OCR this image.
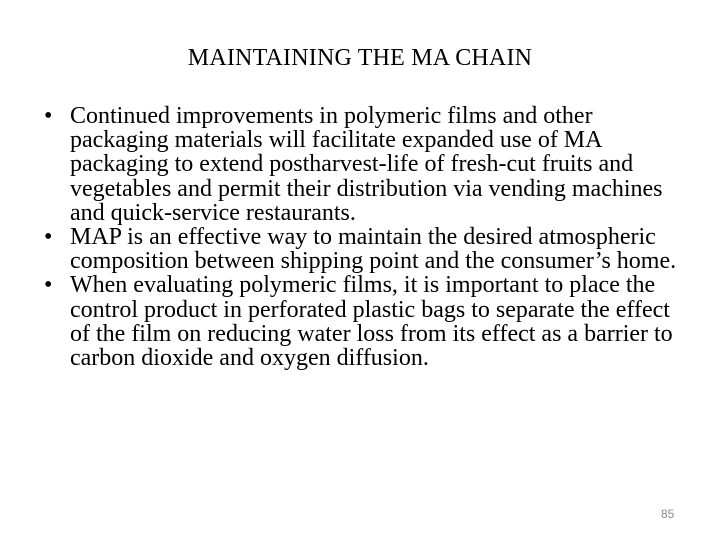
MAINTAINING THE MA CHAIN
• Continued improvements in polymeric films and other packaging materials will facilitate expanded use of MA packaging to extend postharvest-life of fresh-cut fruits and vegetables and permit their distribution via vending machines and quick-service restaurants.
• MAP is an effective way to maintain the desired atmospheric composition between shipping point and the consumer’s home.
• When evaluating polymeric films, it is important to place the control product in perforated plastic bags to separate the effect of the film on reducing water loss from its effect as a barrier to carbon dioxide and oxygen diffusion.
85
